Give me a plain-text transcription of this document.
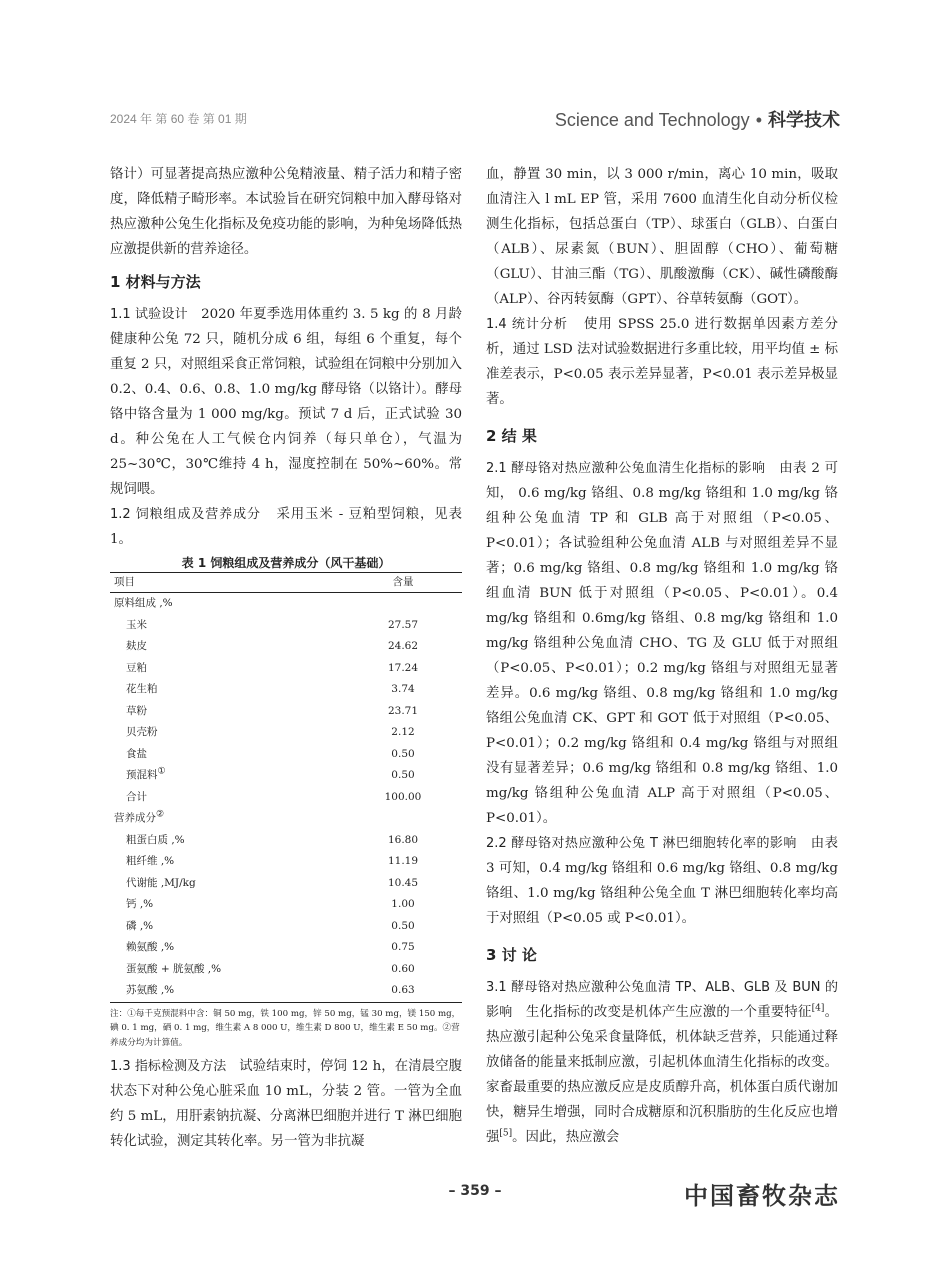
2024 年 第 60 卷 第 01 期	Science and Technology • 科学技术

铬计）可显著提高热应激种公兔精液量、精子活力和精子密度，降低精子畸形率。本试验旨在研究饲粮中加入酵母铬对热应激种公兔生化指标及免疫功能的影响，为种兔场降低热应激提供新的营养途径。

1 材料与方法

1.1 试验设计 2020 年夏季选用体重约 3. 5 kg 的 8 月龄健康种公兔 72 只，随机分成 6 组，每组 6 个重复，每个重复 2 只，对照组采食正常饲粮，试验组在饲粮中分别加入 0.2、0.4、0.6、0.8、1.0 mg/kg 酵母铬（以铬计）。酵母铬中铬含量为 1 000 mg/kg。预试 7 d 后，正式试验 30 d。种公兔在人工气候仓内饲养（每只单仓），气温为 25~30℃，30℃维持 4 h，湿度控制在 50%~60%。常规饲喂。

1.2 饲粮组成及营养成分 采用玉米 - 豆粕型饲粮，见表 1。

表 1 饲粮组成及营养成分（风干基础）
项目	含量
原料组成 ,%	
玉米	27.57
麸皮	24.62
豆粕	17.24
花生粕	3.74
草粉	23.71
贝壳粉	2.12
食盐	0.50
预混料①	0.50
合计	100.00
营养成分②
粗蛋白质 ,%	16.80
粗纤维 ,%	11.19
代谢能 ,MJ/kg	10.45
钙 ,%	1.00
磷 ,%	0.50
赖氨酸 ,%	0.75
蛋氨酸 + 胱氨酸 ,%	0.60
苏氨酸 ,%	0.63
注：①每千克预混料中含：铜 50 mg，铁 100 mg，锌 50 mg，锰 30 mg，镁 150 mg，碘 0. 1 mg，硒 0. 1 mg，维生素 A 8 000 U，维生素 D 800 U，维生素 E 50 mg。②营养成分均为计算值。

1.3 指标检测及方法 试验结束时，停饲 12 h，在清晨空腹状态下对种公兔心脏采血 10 mL，分装 2 管。一管为全血约 5 mL，用肝素钠抗凝、分离淋巴细胞并进行 T 淋巴细胞转化试验，测定其转化率。另一管为非抗凝

血，静置 30 min，以 3 000 r/min，离心 10 min，吸取血清注入 l mL EP 管，采用 7600 血清生化自动分析仪检测生化指标，包括总蛋白（TP）、球蛋白（GLB）、白蛋白（ALB）、尿素氮（BUN）、胆固醇（CHO）、葡萄糖（GLU）、甘油三酯（TG）、肌酸激酶（CK）、碱性磷酸酶（ALP）、谷丙转氨酶（GPT）、谷草转氨酶（GOT）。

1.4 统计分析 使用 SPSS 25.0 进行数据单因素方差分析，通过 LSD 法对试验数据进行多重比较，用平均值 ± 标准差表示，P<0.05 表示差异显著，P<0.01 表示差异极显著。

2 结 果

2.1 酵母铬对热应激种公兔血清生化指标的影响 由表 2 可知， 0.6 mg/kg 铬组、0.8 mg/kg 铬组和 1.0 mg/kg 铬组种公兔血清 TP 和 GLB 高于对照组（P<0.05、P<0.01）；各试验组种公兔血清 ALB 与对照组差异不显著；0.6 mg/kg 铬组、0.8 mg/kg 铬组和 1.0 mg/kg 铬组血清 BUN 低于对照组（P<0.05、P<0.01）。0.4 mg/kg 铬组和 0.6mg/kg 铬组、0.8 mg/kg 铬组和 1.0 mg/kg 铬组种公兔血清 CHO、TG 及 GLU 低于对照组（P<0.05、P<0.01）；0.2 mg/kg 铬组与对照组无显著差异。0.6 mg/kg 铬组、0.8 mg/kg 铬组和 1.0 mg/kg 铬组公兔血清 CK、GPT 和 GOT 低于对照组（P<0.05、P<0.01）；0.2 mg/kg 铬组和 0.4 mg/kg 铬组与对照组没有显著差异；0.6 mg/kg 铬组和 0.8 mg/kg 铬组、1.0 mg/kg 铬组种公兔血清 ALP 高于对照组（P<0.05、P<0.01）。

2.2 酵母铬对热应激种公兔 T 淋巴细胞转化率的影响 由表 3 可知，0.4 mg/kg 铬组和 0.6 mg/kg 铬组、0.8 mg/kg 铬组、1.0 mg/kg 铬组种公兔全血 T 淋巴细胞转化率均高于对照组（P<0.05 或 P<0.01）。

3 讨 论

3.1 酵母铬对热应激种公兔血清 TP、ALB、GLB 及 BUN 的影响 生化指标的改变是机体产生应激的一个重要特征[4]。热应激引起种公兔采食量降低，机体缺乏营养，只能通过释放储备的能量来抵制应激，引起机体血清生化指标的改变。家畜最重要的热应激反应是皮质醇升高，机体蛋白质代谢加快，糖异生增强，同时合成糖原和沉积脂肪的生化反应也增强[5]。因此，热应激会

– 359 –	中国畜牧杂志
